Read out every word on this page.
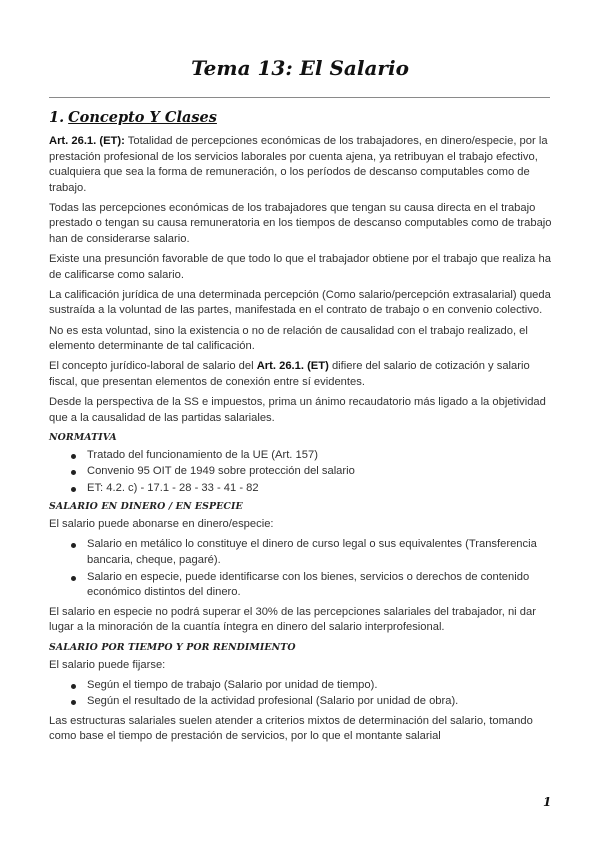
Tema 13: El Salario
1. Concepto Y Clases

Art. 26.1. (ET): Totalidad de percepciones económicas de los trabajadores, en dinero/especie, por la prestación profesional de los servicios laborales por cuenta ajena, ya retribuyan el trabajo efectivo, cualquiera que sea la forma de remuneración, o los períodos de descanso computables como de trabajo.

Todas las percepciones económicas de los trabajadores que tengan su causa directa en el trabajo prestado o tengan su causa remuneratoria en los tiempos de descanso computables como de trabajo han de considerarse salario.

Existe una presunción favorable de que todo lo que el trabajador obtiene por el trabajo que realiza ha de calificarse como salario.

La calificación jurídica de una determinada percepción (Como salario/percepción extrasalarial) queda sustraída a la voluntad de las partes, manifestada en el contrato de trabajo o en convenio colectivo.

No es esta voluntad, sino la existencia o no de relación de causalidad con el trabajo realizado, el elemento determinante de tal calificación.

El concepto jurídico-laboral de salario del Art. 26.1. (ET) difiere del salario de cotización y salario fiscal, que presentan elementos de conexión entre sí evidentes.

Desde la perspectiva de la SS e impuestos, prima un ánimo recaudatorio más ligado a la objetividad que a la causalidad de las partidas salariales.

NORMATIVA
Tratado del funcionamiento de la UE (Art. 157)
Convenio 95 OIT de 1949 sobre protección del salario
ET: 4.2. c) - 17.1 - 28 - 33 - 41 - 82
SALARIO EN DINERO / EN ESPECIE

El salario puede abonarse en dinero/especie:

Salario en metálico lo constituye el dinero de curso legal o sus equivalentes (Transferencia bancaria, cheque, pagaré).
Salario en especie, puede identificarse con los bienes, servicios o derechos de contenido económico distintos del dinero.

El salario en especie no podrá superar el 30% de las percepciones salariales del trabajador, ni dar lugar a la minoración de la cuantía íntegra en dinero del salario interprofesional.

SALARIO POR TIEMPO Y POR RENDIMIENTO

El salario puede fijarse:

Según el tiempo de trabajo (Salario por unidad de tiempo).
Según el resultado de la actividad profesional (Salario por unidad de obra).

Las estructuras salariales suelen atender a criterios mixtos de determinación del salario, tomando como base el tiempo de prestación de servicios, por lo que el montante salarial

1
